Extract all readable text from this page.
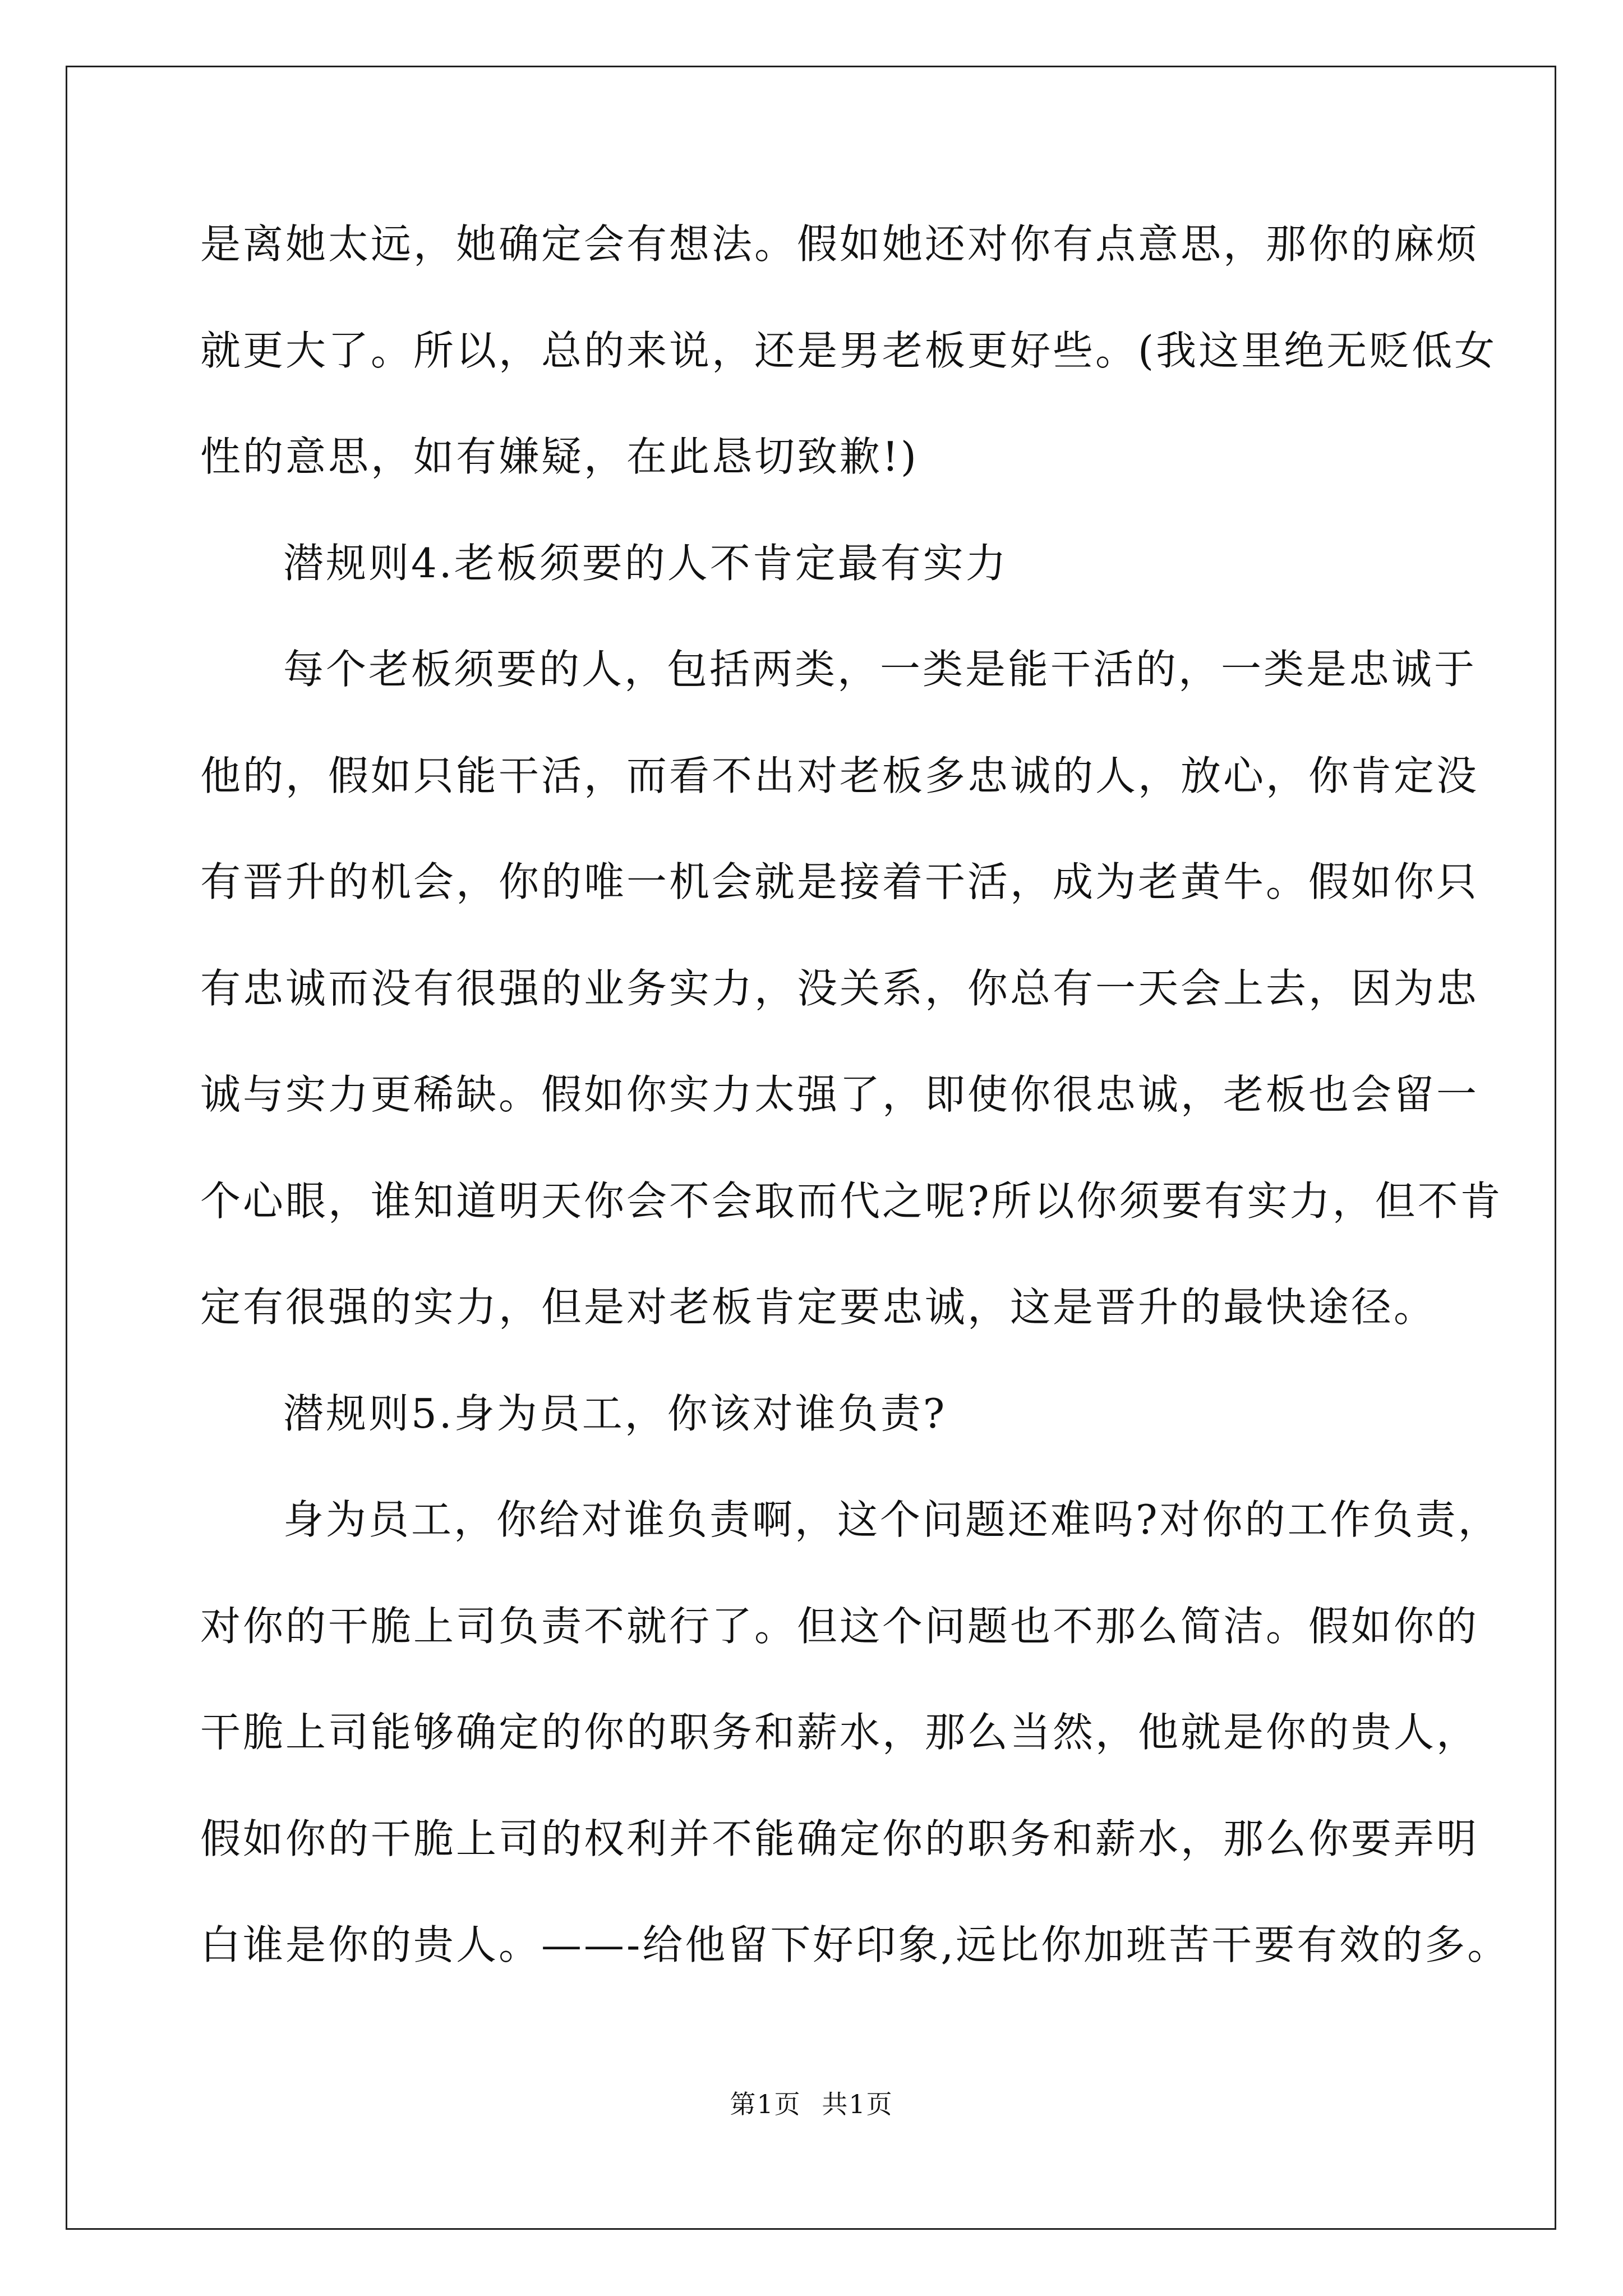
是离她太远，她确定会有想法。假如她还对你有点意思，那你的麻烦
就更大了。所以，总的来说，还是男老板更好些。(我这里绝无贬低女
性的意思，如有嫌疑，在此恳切致歉!)
潜规则4.老板须要的人不肯定最有实力
每个老板须要的人，包括两类，一类是能干活的，一类是忠诚于
他的，假如只能干活，而看不出对老板多忠诚的人，放心，你肯定没
有晋升的机会，你的唯一机会就是接着干活，成为老黄牛。假如你只
有忠诚而没有很强的业务实力，没关系，你总有一天会上去，因为忠
诚与实力更稀缺。假如你实力太强了，即使你很忠诚，老板也会留一
个心眼，谁知道明天你会不会取而代之呢?所以你须要有实力，但不肯
定有很强的实力，但是对老板肯定要忠诚，这是晋升的最快途径。
潜规则5.身为员工，你该对谁负责?
身为员工，你给对谁负责啊，这个问题还难吗?对你的工作负责，
对你的干脆上司负责不就行了。但这个问题也不那么简洁。假如你的
干脆上司能够确定的你的职务和薪水，那么当然，他就是你的贵人，
假如你的干脆上司的权利并不能确定你的职务和薪水，那么你要弄明
白谁是你的贵人。——-给他留下好印象,远比你加班苦干要有效的多。
第1页 共1页
